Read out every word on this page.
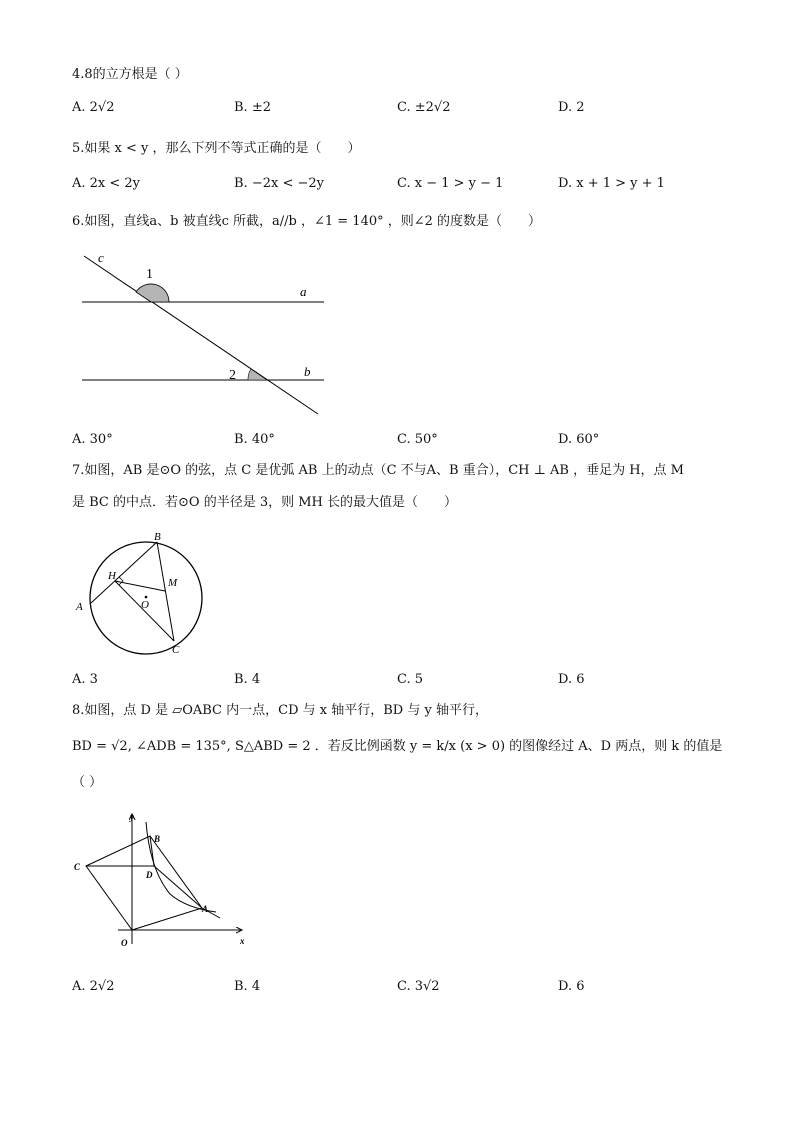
4.8的立方根是（ ）
A. 2√2	B. ±2	C. ±2√2	D. 2
5.如果 x < y ，那么下列不等式正确的是（　　）
A. 2x < 2y	B. −2x < −2y	C. x − 1 > y − 1	D. x + 1 > y + 1
6.如图，直线a、b 被直线c 所截，a//b ，∠1 = 140° ，则∠2 的度数是（　　）
c
1
a
2	b
A. 30°	B. 40°	C. 50°	D. 60°
7.如图，AB 是⊙O 的弦，点 C 是优弧 AB 上的动点（C 不与A、B 重合），CH ⊥ AB ，垂足为 H，点 M
是 BC 的中点．若⊙O 的半径是 3，则 MH 长的最大值是（　　）
B
H
M
O
A
C
A. 3	B. 4	C. 5	D. 6
8.如图，点 D 是 ▱OABC 内一点，CD 与 x 轴平行，BD 与 y 轴平行，
BD = √2, ∠ADB = 135°, S△ABD = 2 ．若反比例函数 y = k/x (x > 0) 的图像经过 A、D 两点，则 k 的值是
（ ）
y
B
C
D
A
O	x
A. 2√2	B. 4	C. 3√2	D. 6
